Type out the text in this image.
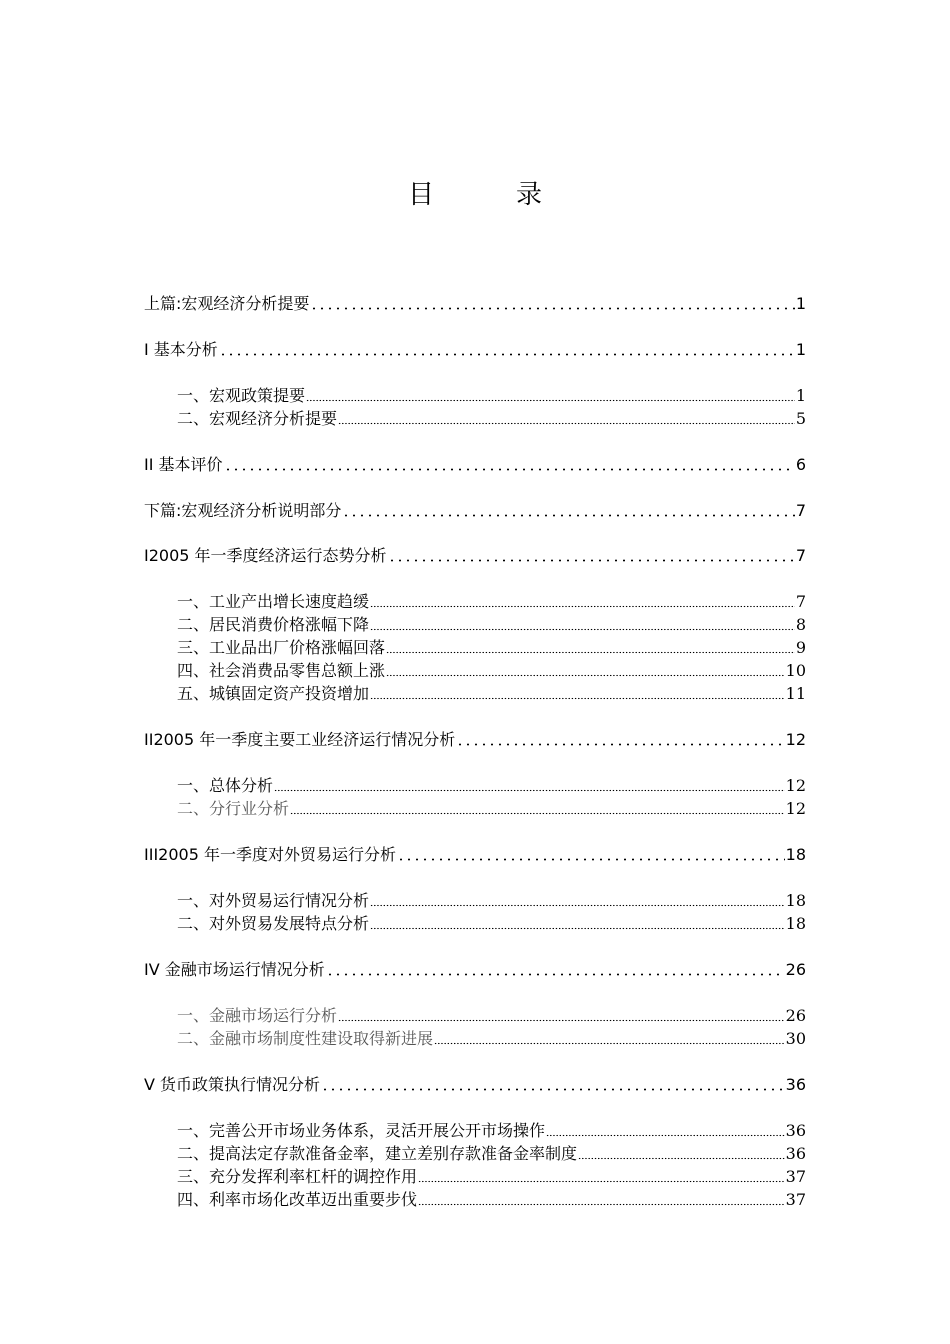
目　录
上篇:宏观经济分析提要	1
I 基本分析	1
一、宏观政策提要	1
二、宏观经济分析提要	5
II 基本评价	6
下篇:宏观经济分析说明部分	7
I2005 年一季度经济运行态势分析	7
一、工业产出增长速度趋缓	7
二、居民消费价格涨幅下降	8
三、工业品出厂价格涨幅回落	9
四、社会消费品零售总额上涨	10
五、城镇固定资产投资增加	11
II2005 年一季度主要工业经济运行情况分析	12
一、总体分析	12
二、分行业分析	12
III2005 年一季度对外贸易运行分析	18
一、对外贸易运行情况分析	18
二、对外贸易发展特点分析	18
IV 金融市场运行情况分析	26
一、金融市场运行分析	26
二、金融市场制度性建设取得新进展	30
V 货币政策执行情况分析	36
一、完善公开市场业务体系，灵活开展公开市场操作	36
二、提高法定存款准备金率，建立差别存款准备金率制度	36
三、充分发挥利率杠杆的调控作用	37
四、利率市场化改革迈出重要步伐	37
